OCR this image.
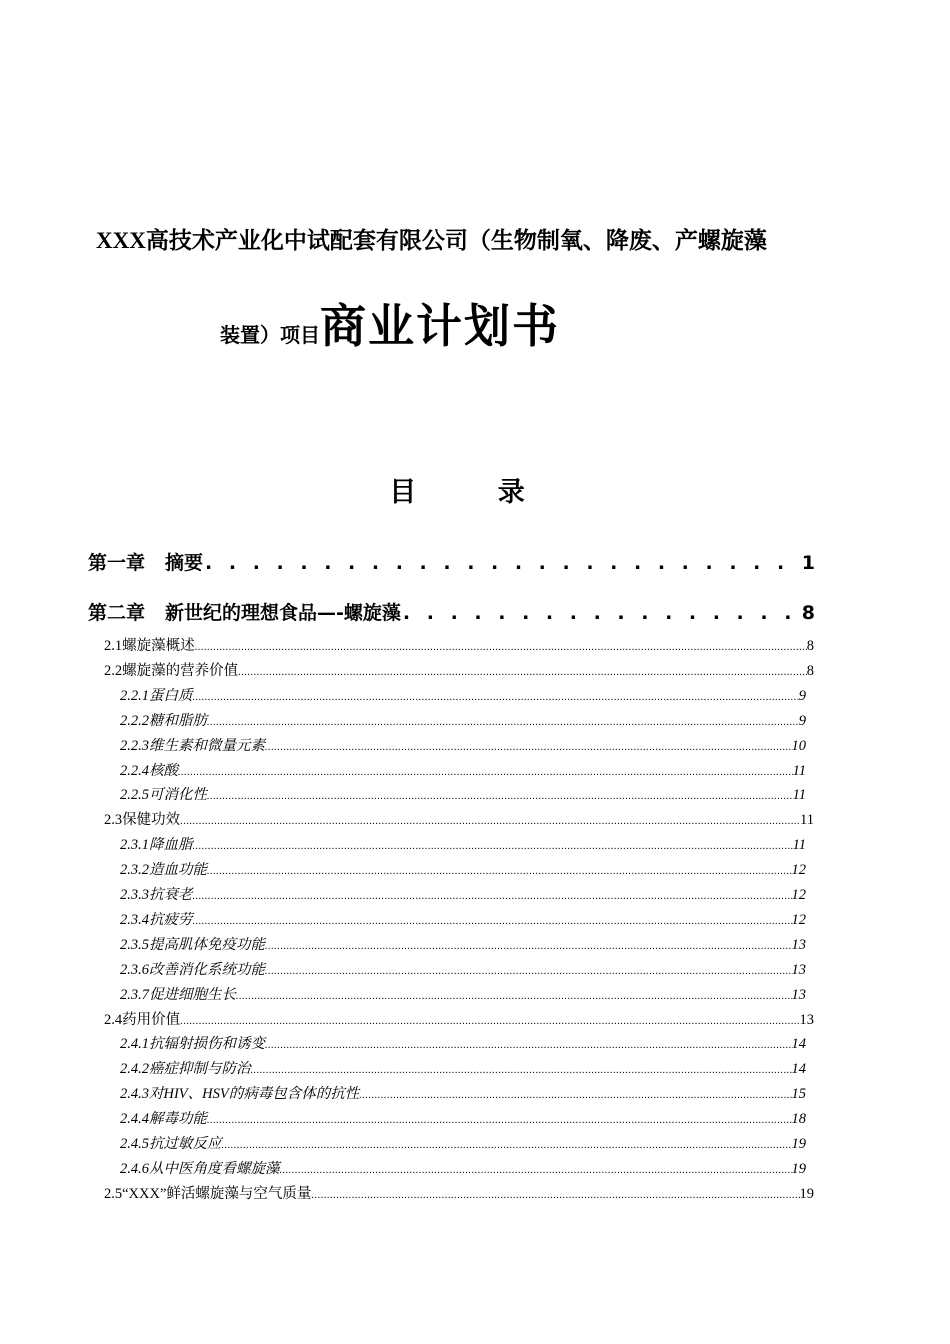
XXX高技术产业化中试配套有限公司（生物制氧、降废、产螺旋藻
装置）项目商业计划书
目 录
第一章 摘要 . . .	1
第二章 新世纪的理想食品—-螺旋藻 . . .	8
2.1 螺旋藻概述 .....	8
2.2 螺旋藻的营养价值 .....	8
2.2.1 蛋白质 .....	9
2.2.2 糖和脂肪 .....	9
2.2.3 维生素和微量元素 .....	10
2.2.4 核酸 .....	11
2.2.5 可消化性 .....	11
2.3 保健功效 .....	11
2.3.1 降血脂 .....	11
2.3.2 造血功能 .....	12
2.3.3 抗衰老 .....	12
2.3.4 抗疲劳 .....	12
2.3.5 提高肌体免疫功能 .....	13
2.3.6 改善消化系统功能 .....	13
2.3.7 促进细胞生长 .....	13
2.4 药用价值 .....	13
2.4.1 抗辐射损伤和诱变 .....	14
2.4.2 癌症抑制与防治 .....	14
2.4.3 对HIV、HSV的病毒包含体的抗性 .....	15
2.4.4 解毒功能 .....	18
2.4.5 抗过敏反应 .....	19
2.4.6 从中医角度看螺旋藻 .....	19
2.5 “XXX”鲜活螺旋藻与空气质量 .....	19
